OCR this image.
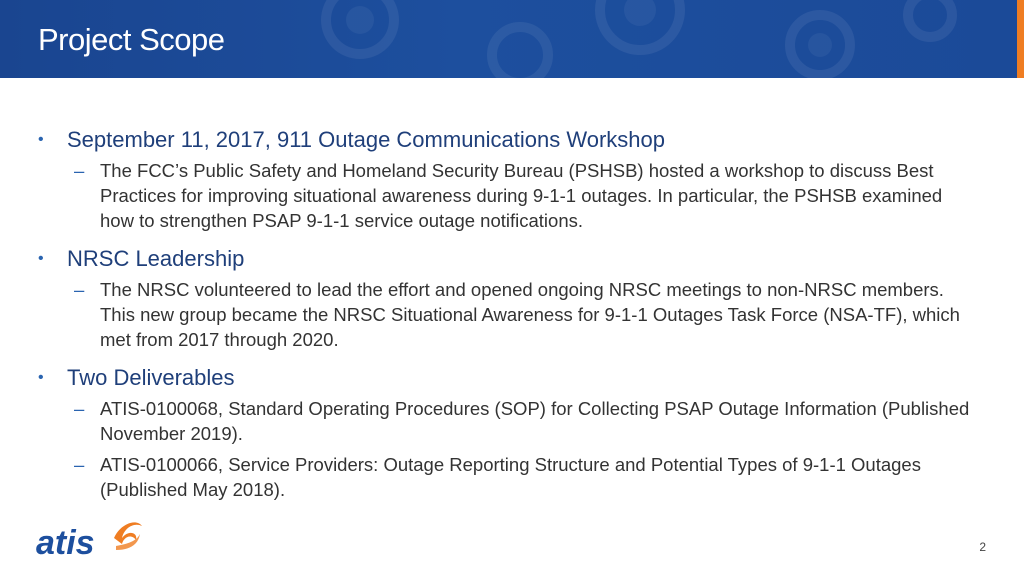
Project Scope
• September 11, 2017, 911 Outage Communications Workshop
– The FCC’s Public Safety and Homeland Security Bureau (PSHSB) hosted a workshop to discuss Best Practices for improving situational awareness during 9-1-1 outages. In particular, the PSHSB examined how to strengthen PSAP 9-1-1 service outage notifications.
• NRSC Leadership
– The NRSC volunteered to lead the effort and opened ongoing NRSC meetings to non-NRSC members. This new group became the NRSC Situational Awareness for 9-1-1 Outages Task Force (NSA-TF), which met from 2017 through 2020.
• Two Deliverables
– ATIS-0100068, Standard Operating Procedures (SOP) for Collecting PSAP Outage Information (Published November 2019).
– ATIS-0100066, Service Providers: Outage Reporting Structure and Potential Types of 9-1-1 Outages (Published May 2018).
atis	2
